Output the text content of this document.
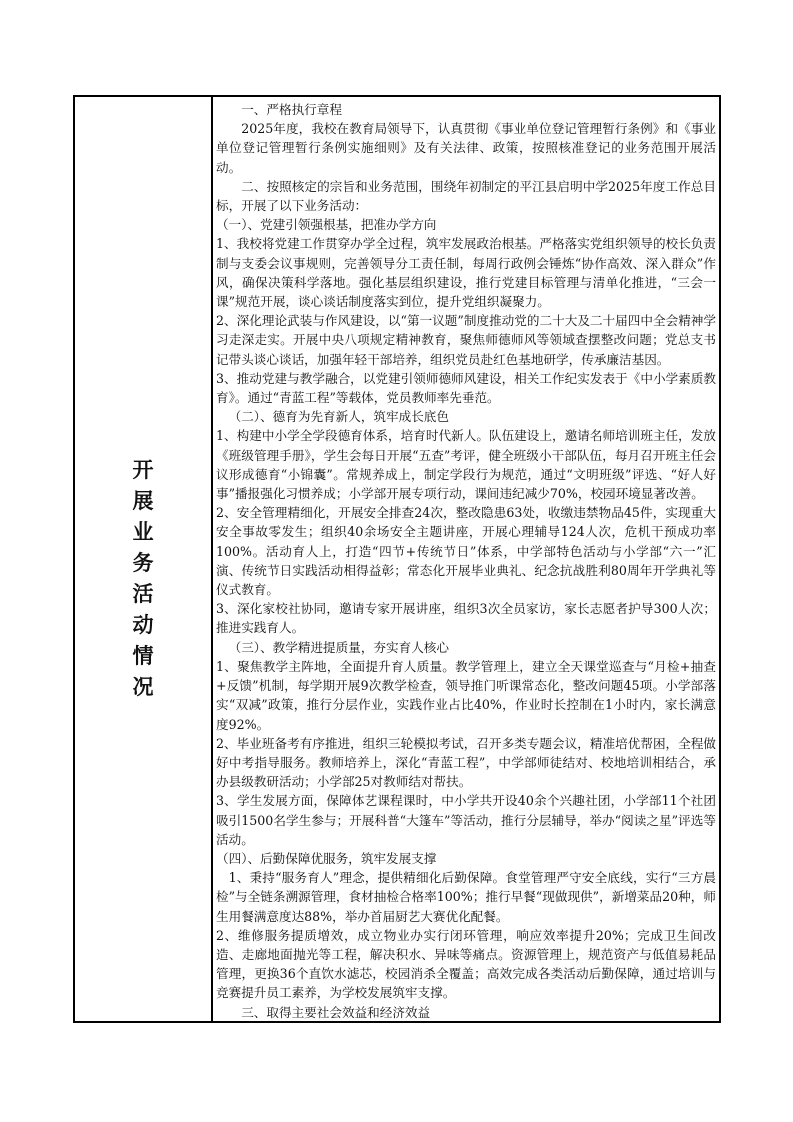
开
展
业
务
活
动
情
况

一、严格执行章程

2025年度，我校在教育局领导下，认真贯彻《事业单位登记管理暂行条例》和《事业单位登记管理暂行条例实施细则》及有关法律、政策，按照核准登记的业务范围开展活动。

二、按照核定的宗旨和业务范围，围绕年初制定的平江县启明中学2025年度工作总目标，开展了以下业务活动：

（一）、党建引领强根基，把准办学方向

1、我校将党建工作贯穿办学全过程，筑牢发展政治根基。严格落实党组织领导的校长负责制与支委会议事规则，完善领导分工责任制，每周行政例会锤炼“协作高效、深入群众”作风，确保决策科学落地。强化基层组织建设，推行党建目标管理与清单化推进，“三会一课”规范开展，谈心谈话制度落实到位，提升党组织凝聚力。

2、深化理论武装与作风建设，以“第一议题”制度推动党的二十大及二十届四中全会精神学习走深走实。开展中央八项规定精神教育，聚焦师德师风等领域查摆整改问题；党总支书记带头谈心谈话，加强年轻干部培养，组织党员赴红色基地研学，传承廉洁基因。

3、推动党建与教学融合，以党建引领师德师风建设，相关工作纪实发表于《中小学素质教育》。通过“青蓝工程”等载体，党员教师率先垂范。

（二）、德育为先育新人，筑牢成长底色

1、构建中小学全学段德育体系，培育时代新人。队伍建设上，邀请名师培训班主任，发放《班级管理手册》，学生会每日开展“五查”考评，健全班级小干部队伍，每月召开班主任会议形成德育“小锦囊”。常规养成上，制定学段行为规范，通过“文明班级”评选、“好人好事”播报强化习惯养成；小学部开展专项行动，课间违纪减少70%，校园环境显著改善。

2、安全管理精细化，开展安全排查24次，整改隐患63处，收缴违禁物品45件，实现重大安全事故零发生；组织40余场安全主题讲座，开展心理辅导124人次，危机干预成功率100%。活动育人上，打造“四节+传统节日”体系，中学部特色活动与小学部“六一”汇演、传统节日实践活动相得益彰；常态化开展毕业典礼、纪念抗战胜利80周年开学典礼等仪式教育。

3、深化家校社协同，邀请专家开展讲座，组织3次全员家访，家长志愿者护导300人次；推进实践育人。

（三）、教学精进提质量，夯实育人核心

1、聚焦教学主阵地，全面提升育人质量。教学管理上，建立全天课堂巡查与“月检+抽查+反馈”机制，每学期开展9次教学检查，领导推门听课常态化，整改问题45项。小学部落实“双减”政策，推行分层作业，实践作业占比40%，作业时长控制在1小时内，家长满意度92%。

2、毕业班备考有序推进，组织三轮模拟考试，召开多类专题会议，精准培优帮困，全程做好中考指导服务。教师培养上，深化“青蓝工程”，中学部师徒结对、校地培训相结合，承办县级教研活动；小学部25对教师结对帮扶。

3、学生发展方面，保障体艺课程课时，中小学共开设40余个兴趣社团，小学部11个社团吸引1500名学生参与；开展科普“大篷车”等活动，推行分层辅导，举办“阅读之星”评选等活动。

（四）、后勤保障优服务，筑牢发展支撑

1、秉持“服务育人”理念，提供精细化后勤保障。食堂管理严守安全底线，实行“三方晨检”与全链条溯源管理，食材抽检合格率100%；推行早餐“现做现供”，新增菜品20种，师生用餐满意度达88%，举办首届厨艺大赛优化配餐。

2、维修服务提质增效，成立物业办实行闭环管理，响应效率提升20%；完成卫生间改造、走廊地面抛光等工程，解决积水、异味等痛点。资源管理上，规范资产与低值易耗品管理，更换36个直饮水滤芯，校园消杀全覆盖；高效完成各类活动后勤保障，通过培训与竞赛提升员工素养，为学校发展筑牢支撑。

三、取得主要社会效益和经济效益
